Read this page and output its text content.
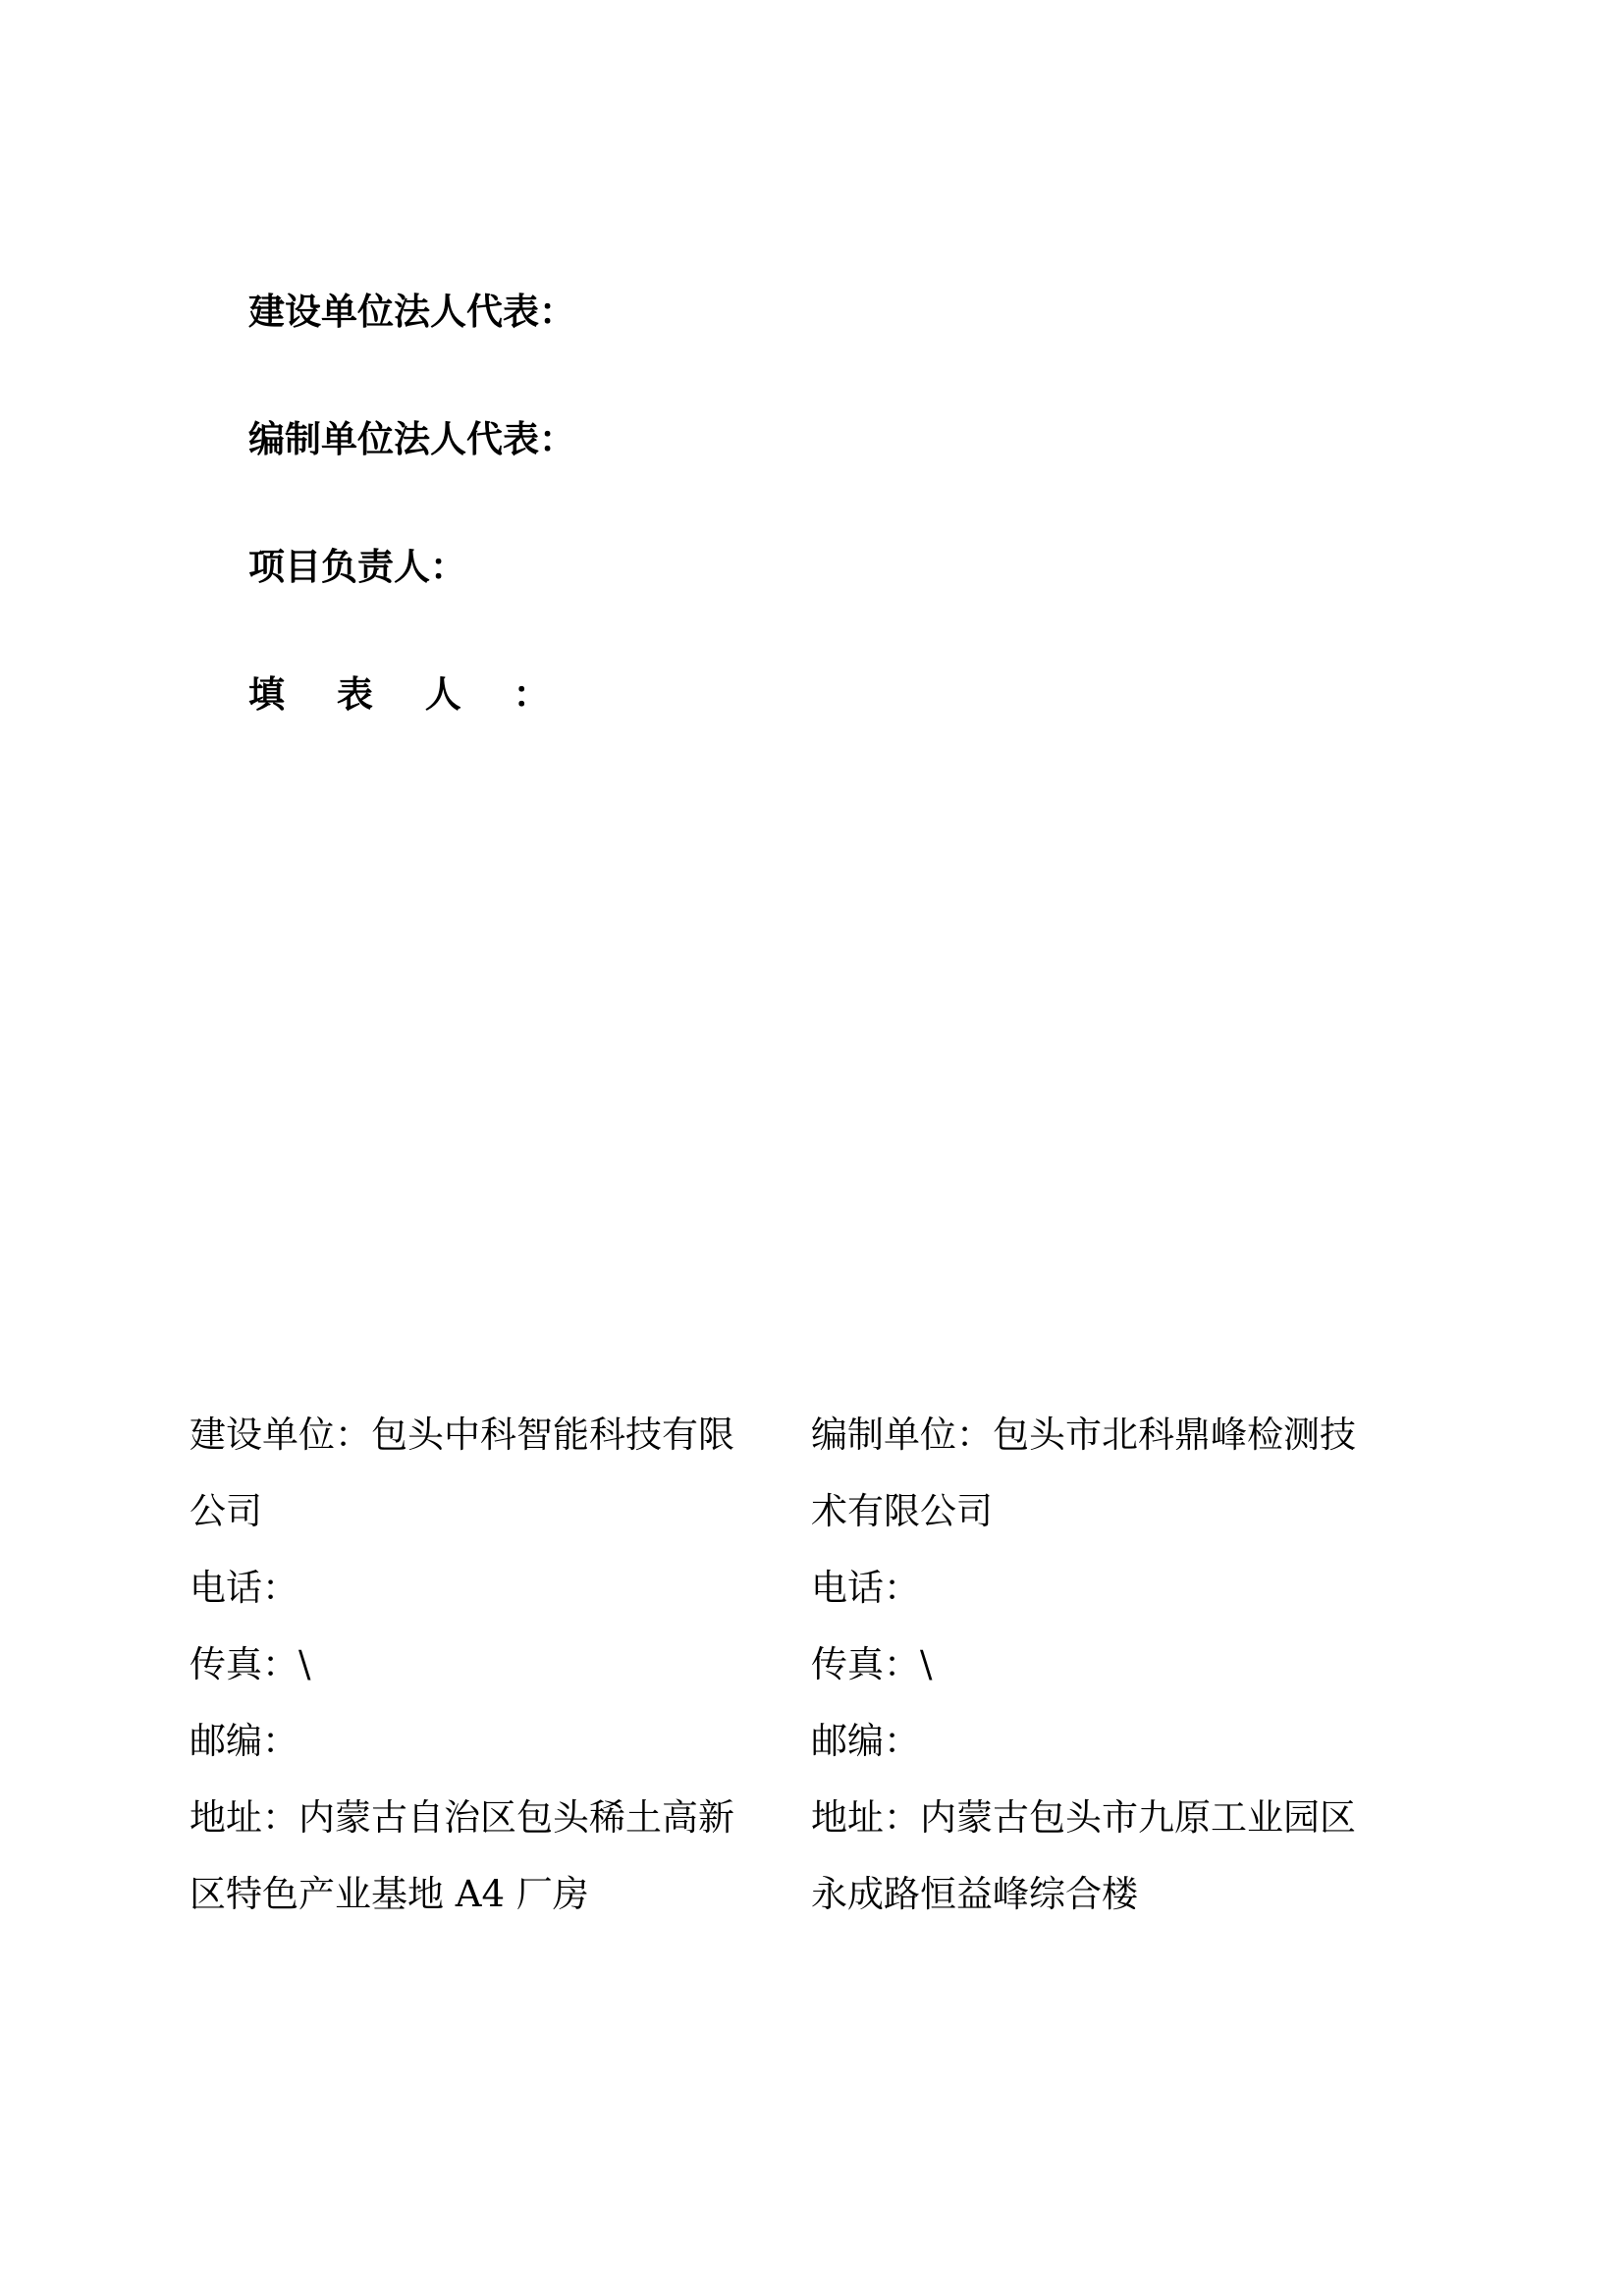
建设单位法人代表：
编制单位法人代表：
项目负责人：
填 表 人 ：

建设单位：包头中科智能科技有限公司

电话：

传真：\

邮编：

地址：内蒙古自治区包头稀土高新区特色产业基地 A4 厂房

编制单位：包头市北科鼎峰检测技术有限公司

电话：

传真：\

邮编：

地址：内蒙古包头市九原工业园区永成路恒益峰综合楼
